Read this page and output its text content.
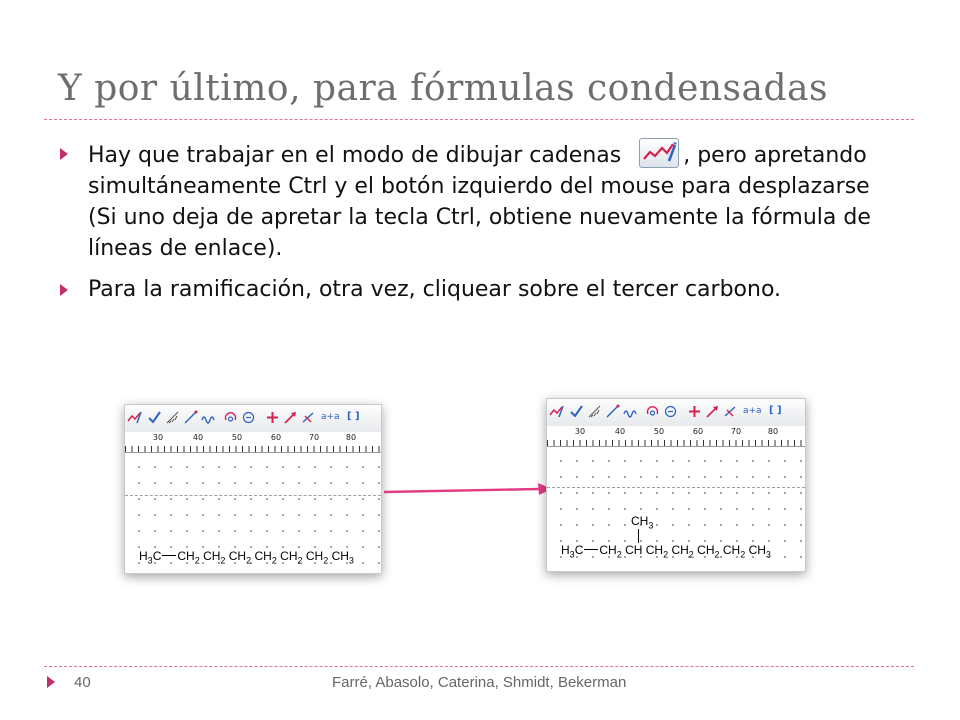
Y por último, para fórmulas condensadas
Hay que trabajar en el modo de dibujar cadenas	, pero apretando simultáneamente Ctrl y el botón izquierdo del mouse para desplazarse (Si uno deja de apretar la tecla Ctrl, obtiene nuevamente la fórmula de líneas de enlace).
Para la ramificación, otra vez, cliquear sobre el tercer carbono.
a+a [ ]
30	40	50	60	70	80
$H_3C$ $CH_2$ $CH_2$ $CH_2$ $CH_2$ $CH_2$ $CH_2$ $CH_3$
a+a [ ]
30	40	50	60	70	80
$CH_3$
$H_3C$ $CH_2$ CH $CH_2$ $CH_2$ $CH_2$ $CH_2$ $CH_3$
40	Farré, Abasolo, Caterina, Shmidt, Bekerman
